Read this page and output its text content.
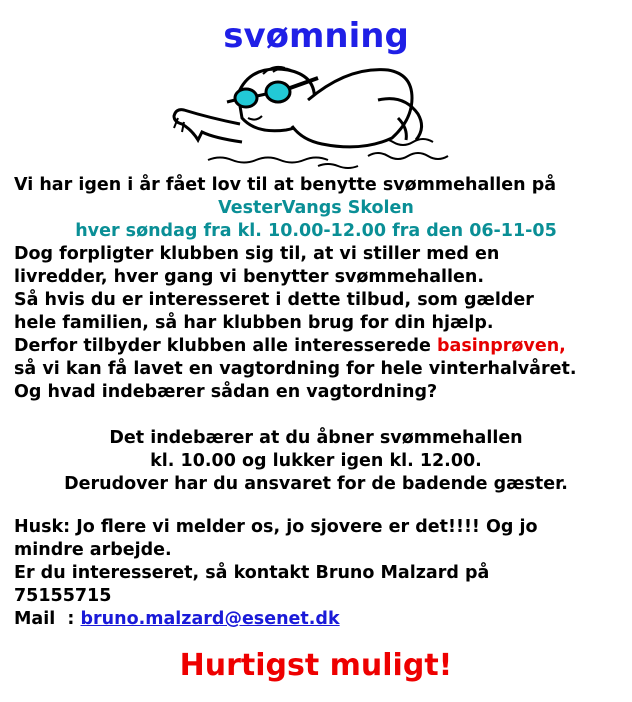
svømning
Vi har igen i år fået lov til at benytte svømmehallen på
VesterVangs Skolen
hver søndag fra kl. 10.00-12.00 fra den 06-11-05
Dog forpligter klubben sig til, at vi stiller med en
livredder, hver gang vi benytter svømmehallen.
Så hvis du er interesseret i dette tilbud, som gælder
hele familien, så har klubben brug for din hjælp.
Derfor tilbyder klubben alle interesserede basinprøven,
så vi kan få lavet en vagtordning for hele vinterhalvåret.
Og hvad indebærer sådan en vagtordning?
Det indebærer at du åbner svømmehallen
kl. 10.00 og lukker igen kl. 12.00.
Derudover har du ansvaret for de badende gæster.
Husk: Jo flere vi melder os, jo sjovere er det!!!! Og jo
mindre arbejde.
Er du interesseret, så kontakt Bruno Malzard på
75155715
Mail  : bruno.malzard@esenet.dk
Hurtigst muligt!
